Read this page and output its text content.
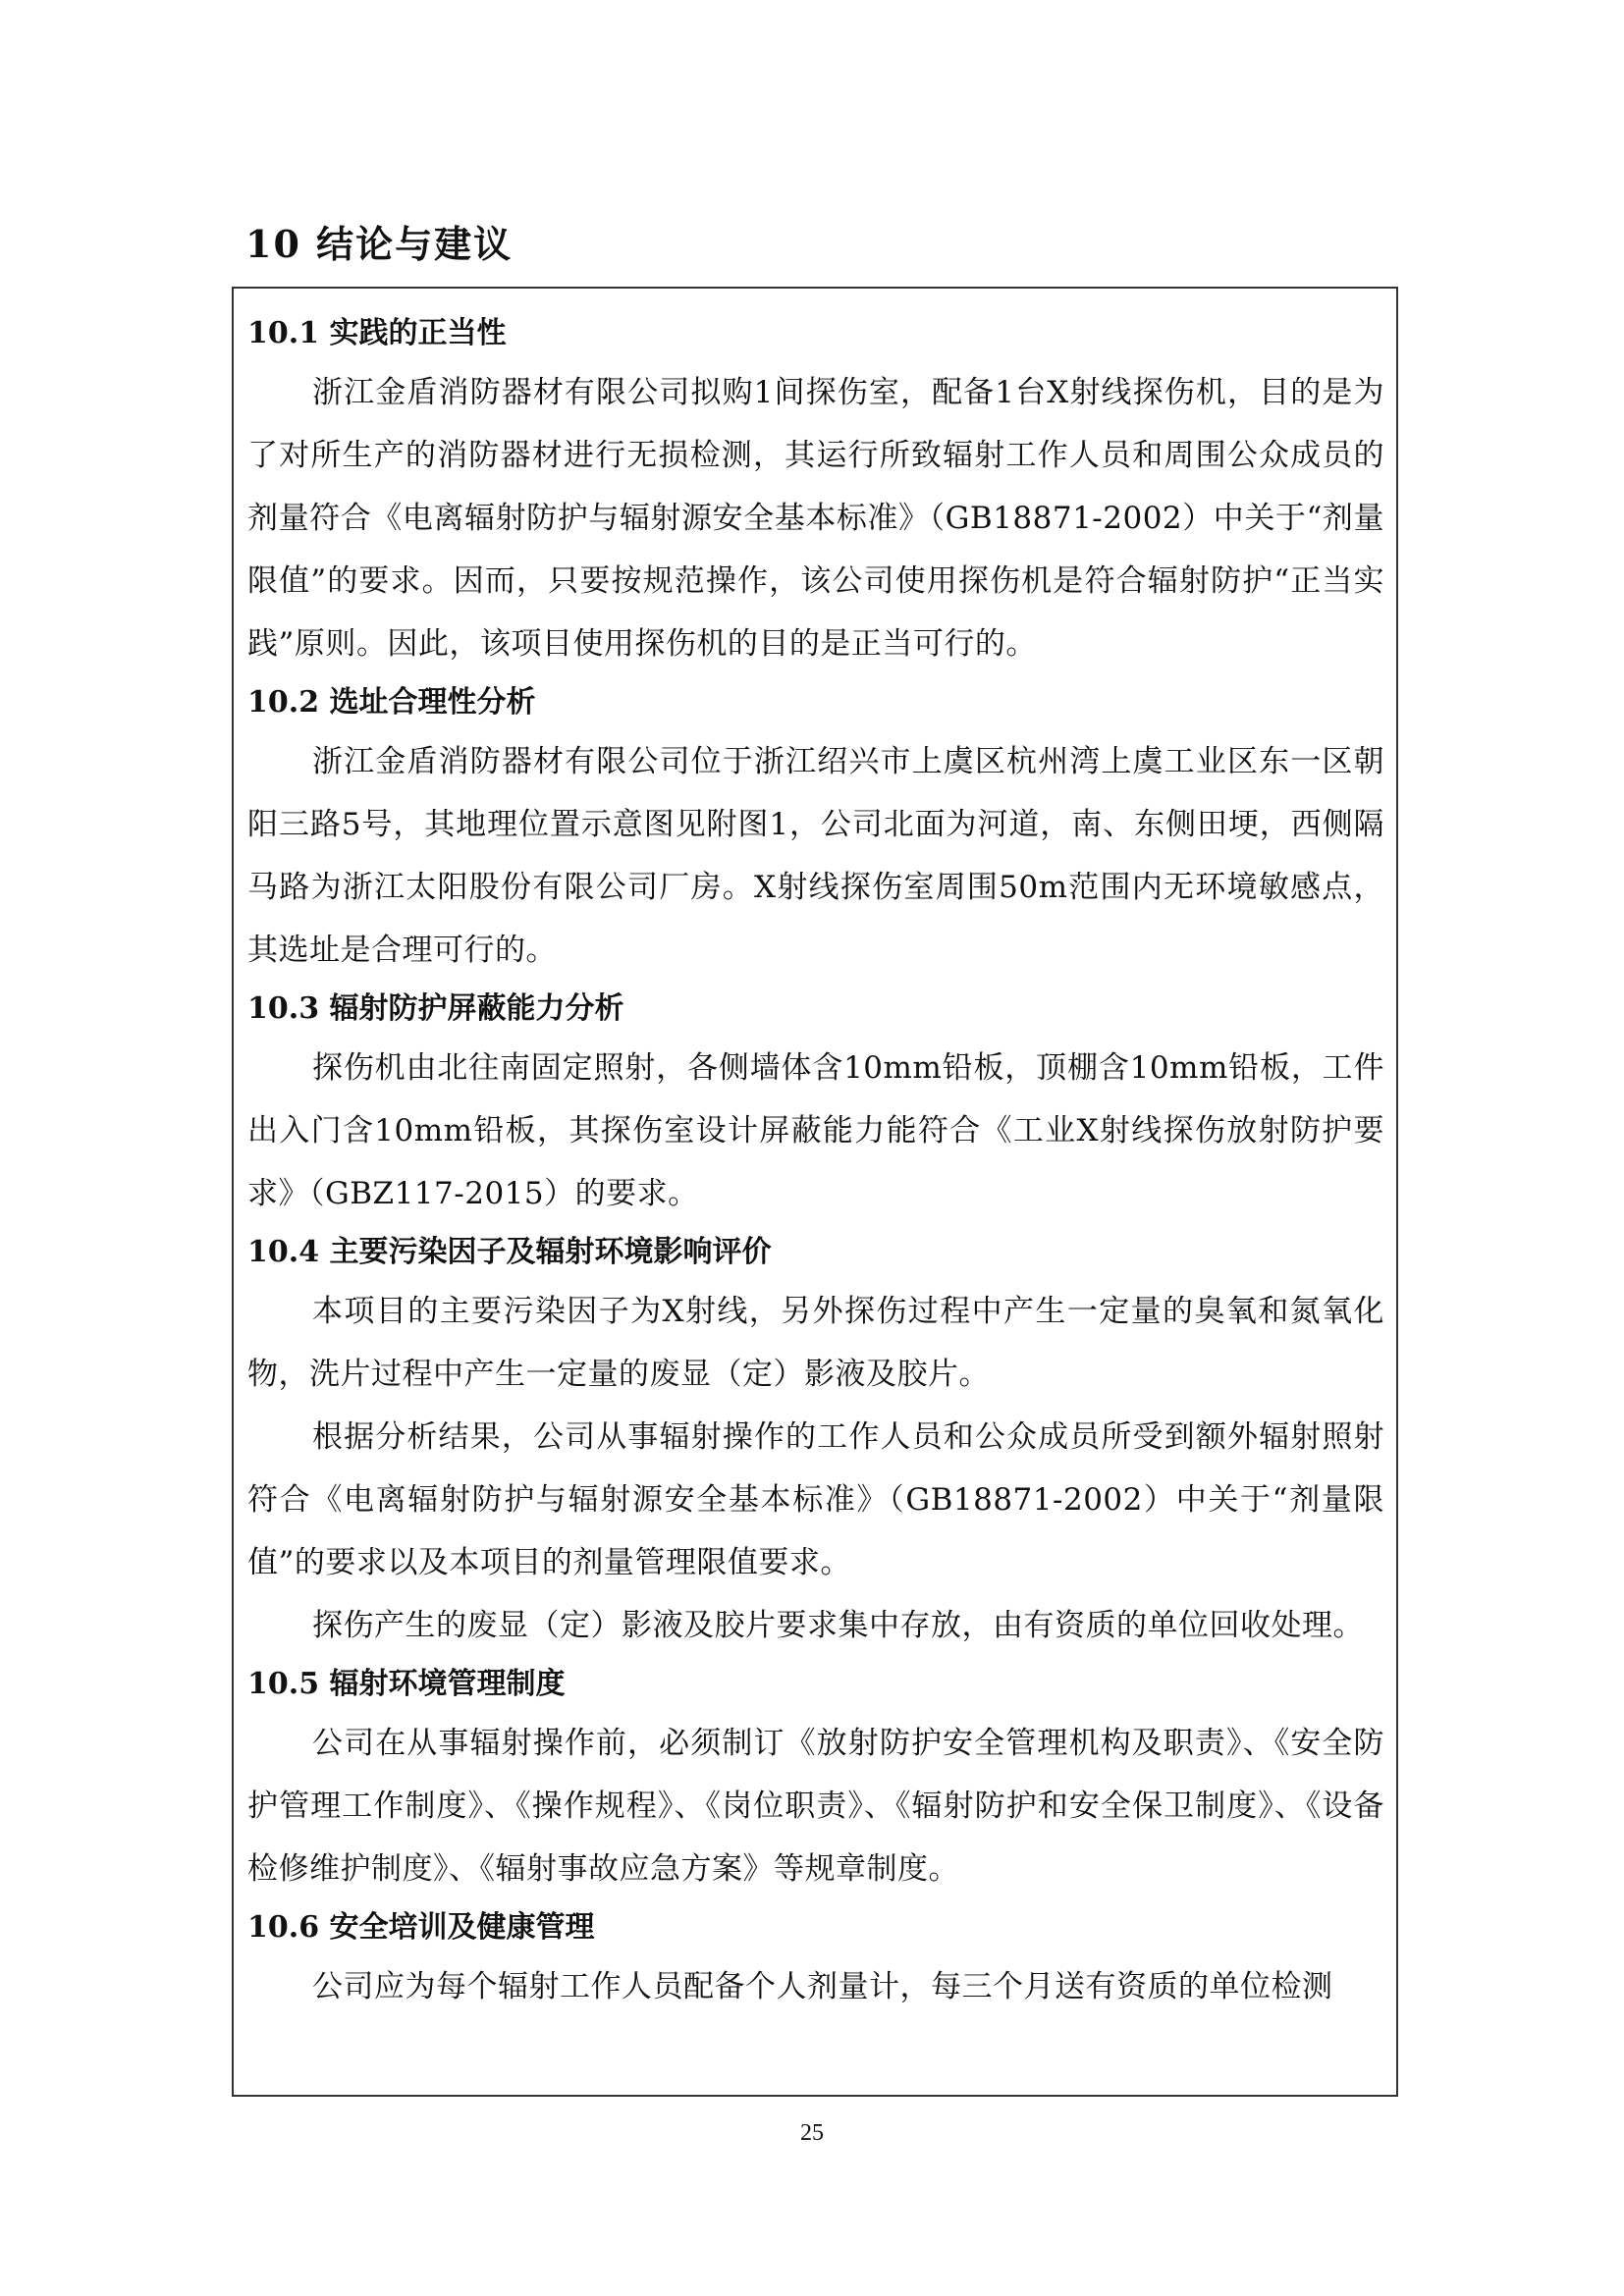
10 结论与建议
10.1 实践的正当性

浙江金盾消防器材有限公司拟购1间探伤室，配备1台X射线探伤机，目的是为了对所生产的消防器材进行无损检测，其运行所致辐射工作人员和周围公众成员的剂量符合《电离辐射防护与辐射源安全基本标准》（GB18871-2002）中关于“剂量限值”的要求。因而，只要按规范操作，该公司使用探伤机是符合辐射防护“正当实践”原则。因此，该项目使用探伤机的目的是正当可行的。

10.2 选址合理性分析

浙江金盾消防器材有限公司位于浙江绍兴市上虞区杭州湾上虞工业区东一区朝阳三路5号，其地理位置示意图见附图1，公司北面为河道，南、东侧田埂，西侧隔马路为浙江太阳股份有限公司厂房。X射线探伤室周围50m范围内无环境敏感点，其选址是合理可行的。

10.3 辐射防护屏蔽能力分析

探伤机由北往南固定照射，各侧墙体含10mm铅板，顶棚含10mm铅板，工件出入门含10mm铅板，其探伤室设计屏蔽能力能符合《工业X射线探伤放射防护要求》（GBZ117-2015）的要求。

10.4 主要污染因子及辐射环境影响评价

本项目的主要污染因子为X射线，另外探伤过程中产生一定量的臭氧和氮氧化物，洗片过程中产生一定量的废显（定）影液及胶片。

根据分析结果，公司从事辐射操作的工作人员和公众成员所受到额外辐射照射符合《电离辐射防护与辐射源安全基本标准》（GB18871-2002）中关于“剂量限值”的要求以及本项目的剂量管理限值要求。

探伤产生的废显（定）影液及胶片要求集中存放，由有资质的单位回收处理。

10.5 辐射环境管理制度

公司在从事辐射操作前，必须制订《放射防护安全管理机构及职责》、《安全防护管理工作制度》、《操作规程》、《岗位职责》、《辐射防护和安全保卫制度》、《设备检修维护制度》、《辐射事故应急方案》等规章制度。

10.6 安全培训及健康管理

公司应为每个辐射工作人员配备个人剂量计，每三个月送有资质的单位检测

25
